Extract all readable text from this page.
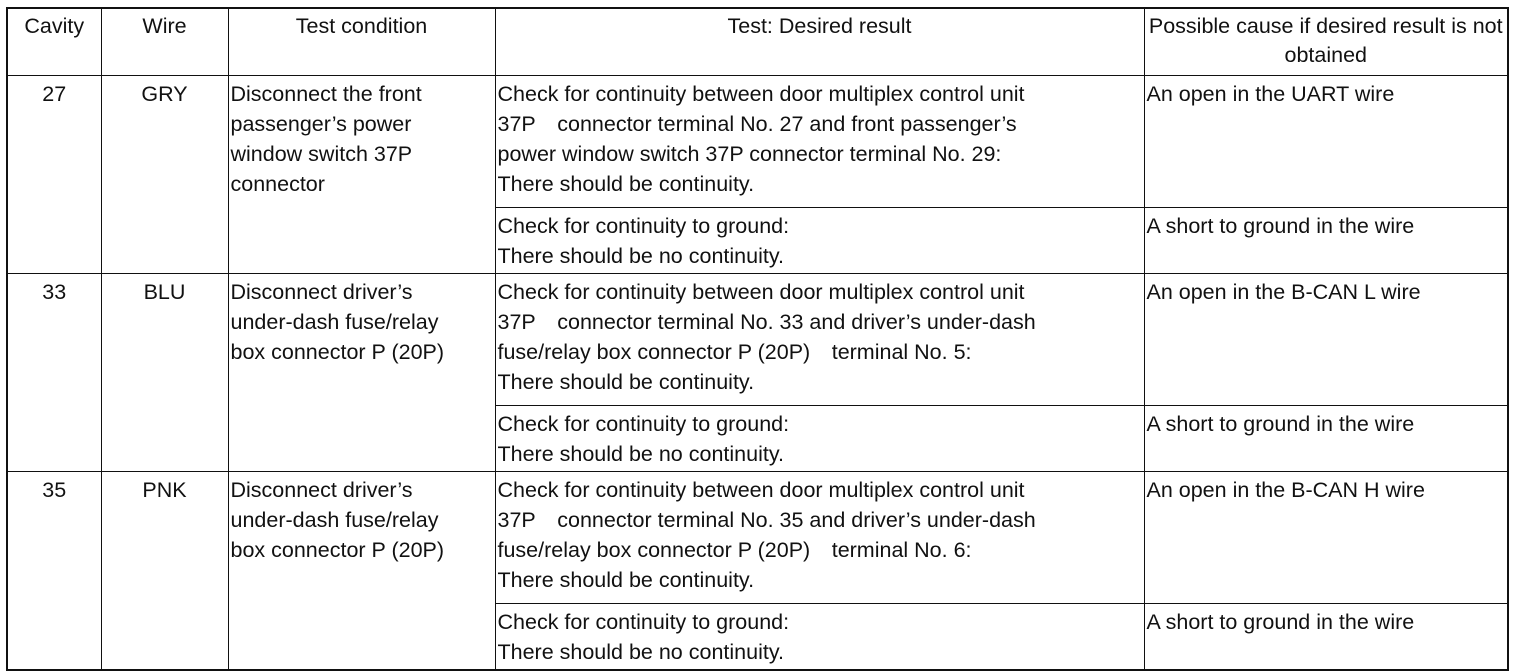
Cavity	Wire	Test condition	Test: Desired result	Possible cause if desired result is not obtained
27	GRY	Disconnect the front
passenger’s power
window switch 37P
connector	Check for continuity between door multiplex control unit
37P connector terminal No. 27 and front passenger’s
power window switch 37P connector terminal No. 29:
There should be continuity.	An open in the UART wire

			Check for continuity to ground:
There should be no continuity.	A short to ground in the wire
33	BLU	Disconnect driver’s
under-dash fuse/relay
box connector P (20P)	Check for continuity between door multiplex control unit
37P connector terminal No. 33 and driver’s under-dash
fuse/relay box connector P (20P) terminal No. 5:
There should be continuity.	An open in the B-CAN L wire

			Check for continuity to ground:
There should be no continuity.	A short to ground in the wire
35	PNK	Disconnect driver’s
under-dash fuse/relay
box connector P (20P)	Check for continuity between door multiplex control unit
37P connector terminal No. 35 and driver’s under-dash
fuse/relay box connector P (20P) terminal No. 6:
There should be continuity.	An open in the B-CAN H wire

			Check for continuity to ground:
There should be no continuity.	A short to ground in the wire
